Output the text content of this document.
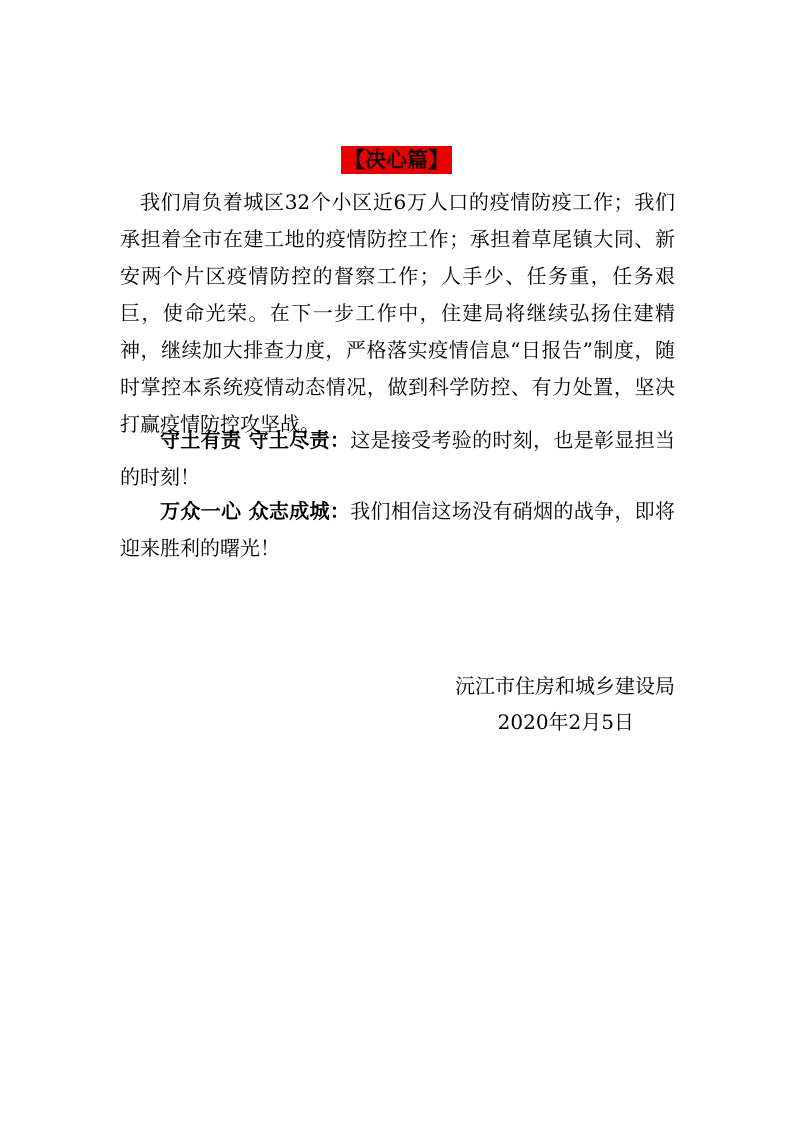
【决心篇】
我们肩负着城区32个小区近6万人口的疫情防疫工作；我们承担着全市在建工地的疫情防控工作；承担着草尾镇大同、新安两个片区疫情防控的督察工作；人手少、任务重，任务艰巨，使命光荣。在下一步工作中，住建局将继续弘扬住建精神，继续加大排查力度，严格落实疫情信息“日报告”制度，随时掌控本系统疫情动态情况，做到科学防控、有力处置，坚决打赢疫情防控攻坚战。
守土有责 守土尽责：这是接受考验的时刻，也是彰显担当的时刻！
万众一心 众志成城：我们相信这场没有硝烟的战争，即将迎来胜利的曙光！
沅江市住房和城乡建设局
2020年2月5日
